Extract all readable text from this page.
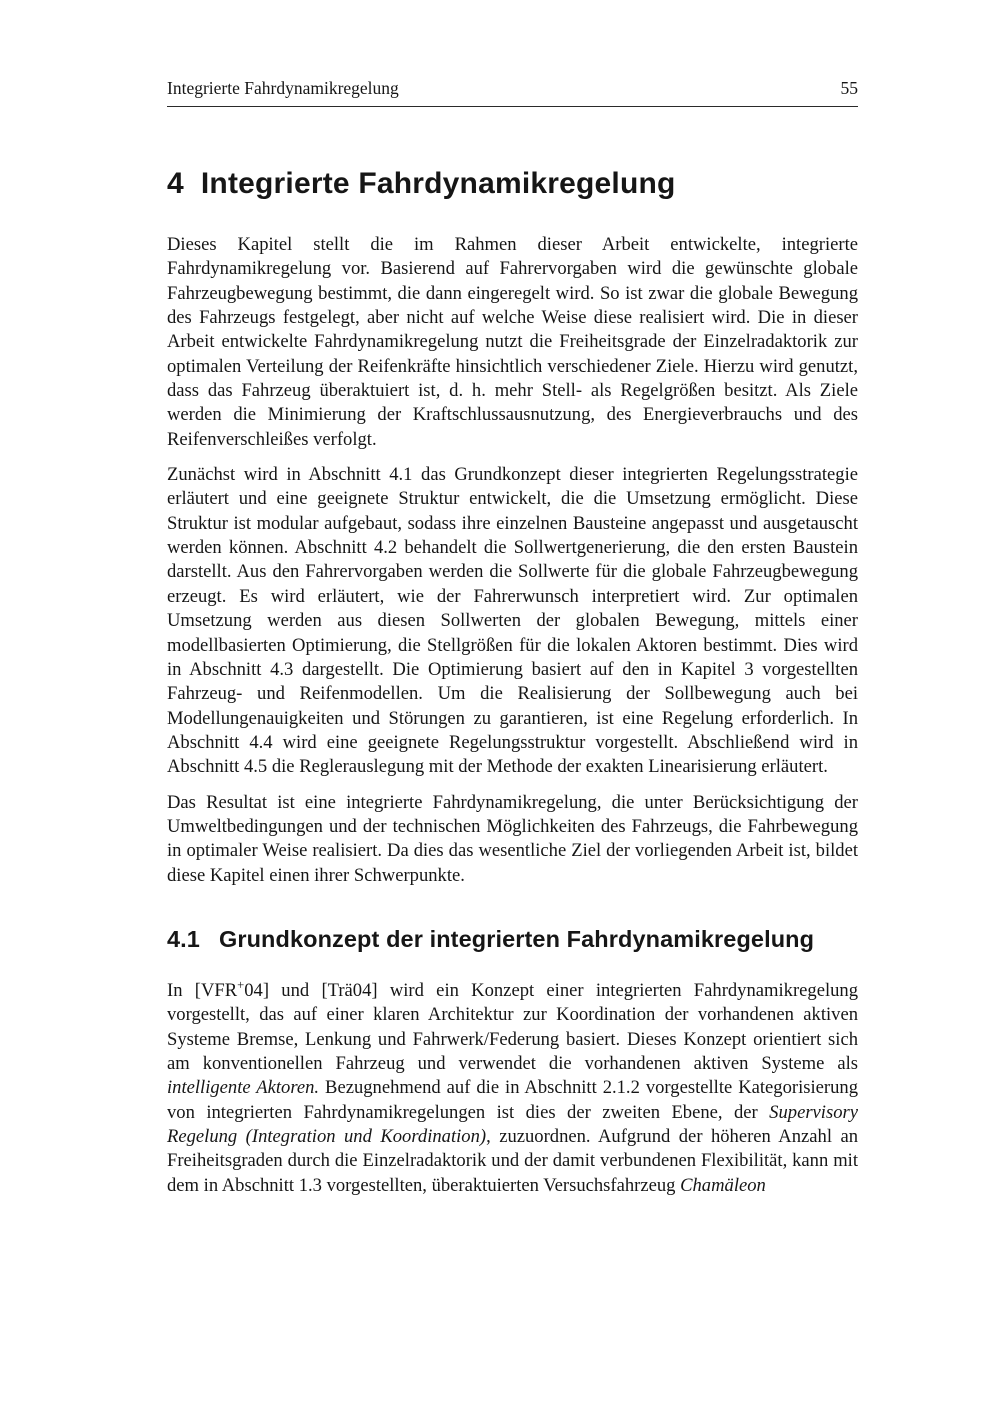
Integrierte Fahrdynamikregelung	55
4 Integrierte Fahrdynamikregelung

Dieses Kapitel stellt die im Rahmen dieser Arbeit entwickelte, integrierte Fahrdynamikregelung vor. Basierend auf Fahrervorgaben wird die gewünschte globale Fahrzeugbewegung bestimmt, die dann eingeregelt wird. So ist zwar die globale Bewegung des Fahrzeugs festgelegt, aber nicht auf welche Weise diese realisiert wird. Die in dieser Arbeit entwickelte Fahrdynamikregelung nutzt die Freiheitsgrade der Einzelradaktorik zur optimalen Verteilung der Reifenkräfte hinsichtlich verschiedener Ziele. Hierzu wird genutzt, dass das Fahrzeug überaktuiert ist, d. h. mehr Stell- als Regelgrößen besitzt. Als Ziele werden die Minimierung der Kraftschlussausnutzung, des Energieverbrauchs und des Reifenverschleißes verfolgt.

Zunächst wird in Abschnitt 4.1 das Grundkonzept dieser integrierten Regelungsstrategie erläutert und eine geeignete Struktur entwickelt, die die Umsetzung ermöglicht. Diese Struktur ist modular aufgebaut, sodass ihre einzelnen Bausteine angepasst und ausgetauscht werden können. Abschnitt 4.2 behandelt die Sollwertgenerierung, die den ersten Baustein darstellt. Aus den Fahrervorgaben werden die Sollwerte für die globale Fahrzeugbewegung erzeugt. Es wird erläutert, wie der Fahrerwunsch interpretiert wird. Zur optimalen Umsetzung werden aus diesen Sollwerten der globalen Bewegung, mittels einer modellbasierten Optimierung, die Stellgrößen für die lokalen Aktoren bestimmt. Dies wird in Abschnitt 4.3 dargestellt. Die Optimierung basiert auf den in Kapitel 3 vorgestellten Fahrzeug- und Reifenmodellen. Um die Realisierung der Sollbewegung auch bei Modellungenauigkeiten und Störungen zu garantieren, ist eine Regelung erforderlich. In Abschnitt 4.4 wird eine geeignete Regelungsstruktur vorgestellt. Abschließend wird in Abschnitt 4.5 die Reglerauslegung mit der Methode der exakten Linearisierung erläutert.

Das Resultat ist eine integrierte Fahrdynamikregelung, die unter Berücksichtigung der Umweltbedingungen und der technischen Möglichkeiten des Fahrzeugs, die Fahrbewegung in optimaler Weise realisiert. Da dies das wesentliche Ziel der vorliegenden Arbeit ist, bildet diese Kapitel einen ihrer Schwerpunkte.

4.1 Grundkonzept der integrierten Fahrdynamikregelung

In [VFR+04] und [Trä04] wird ein Konzept einer integrierten Fahrdynamikregelung vorgestellt, das auf einer klaren Architektur zur Koordination der vorhandenen aktiven Systeme Bremse, Lenkung und Fahrwerk/Federung basiert. Dieses Konzept orientiert sich am konventionellen Fahrzeug und verwendet die vorhandenen aktiven Systeme als intelligente Aktoren. Bezugnehmend auf die in Abschnitt 2.1.2 vorgestellte Kategorisierung von integrierten Fahrdynamikregelungen ist dies der zweiten Ebene, der Supervisory Regelung (Integration und Koordination), zuzuordnen. Aufgrund der höheren Anzahl an Freiheitsgraden durch die Einzelradaktorik und der damit verbundenen Flexibilität, kann mit dem in Abschnitt 1.3 vorgestellten, überaktuierten Versuchsfahrzeug Chamäleon
